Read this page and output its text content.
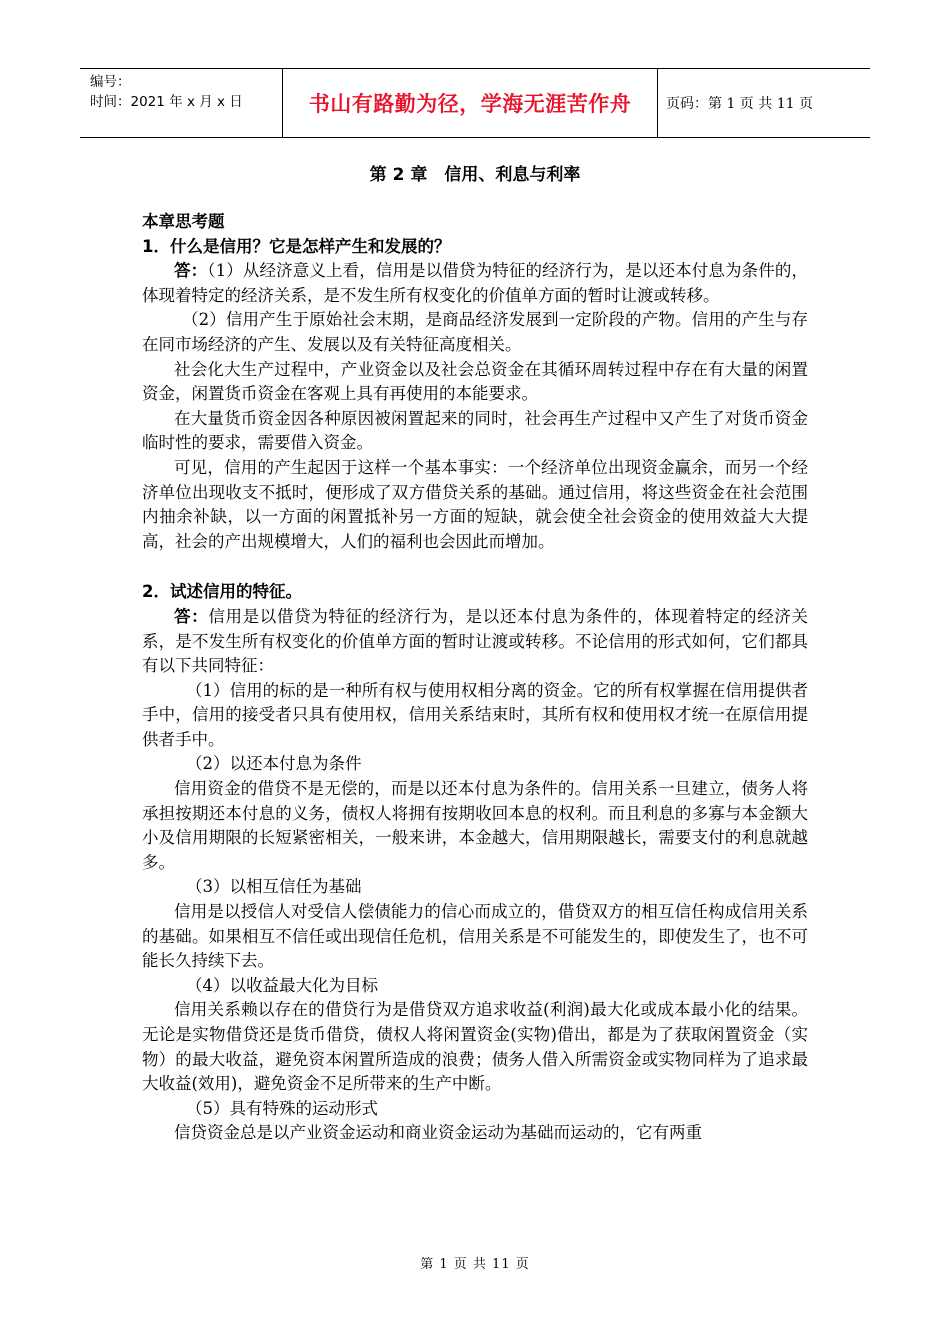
编号：
时间：2021 年 x 月 x 日	书山有路勤为径，学海无涯苦作舟	页码：第 1 页 共 11 页
第 2 章　信用、利息与利率

本章思考题

1．什么是信用？它是怎样产生和发展的？

答：（1）从经济意义上看，信用是以借贷为特征的经济行为，是以还本付息为条件的，体现着特定的经济关系，是不发生所有权变化的价值单方面的暂时让渡或转移。

（2）信用产生于原始社会末期，是商品经济发展到一定阶段的产物。信用的产生与存在同市场经济的产生、发展以及有关特征高度相关。

社会化大生产过程中，产业资金以及社会总资金在其循环周转过程中存在有大量的闲置资金，闲置货币资金在客观上具有再使用的本能要求。

在大量货币资金因各种原因被闲置起来的同时，社会再生产过程中又产生了对货币资金临时性的要求，需要借入资金。

可见，信用的产生起因于这样一个基本事实：一个经济单位出现资金赢余，而另一个经济单位出现收支不抵时，便形成了双方借贷关系的基础。通过信用，将这些资金在社会范围内抽余补缺，以一方面的闲置抵补另一方面的短缺，就会使全社会资金的使用效益大大提高，社会的产出规模增大，人们的福利也会因此而增加。

2．试述信用的特征。

答：信用是以借贷为特征的经济行为，是以还本付息为条件的，体现着特定的经济关系，是不发生所有权变化的价值单方面的暂时让渡或转移。不论信用的形式如何，它们都具有以下共同特征：

（1）信用的标的是一种所有权与使用权相分离的资金。它的所有权掌握在信用提供者手中，信用的接受者只具有使用权，信用关系结束时，其所有权和使用权才统一在原信用提供者手中。

（2）以还本付息为条件

信用资金的借贷不是无偿的，而是以还本付息为条件的。信用关系一旦建立，债务人将承担按期还本付息的义务，债权人将拥有按期收回本息的权利。而且利息的多寡与本金额大小及信用期限的长短紧密相关，一般来讲，本金越大，信用期限越长，需要支付的利息就越多。

（3）以相互信任为基础

信用是以授信人对受信人偿债能力的信心而成立的，借贷双方的相互信任构成信用关系的基础。如果相互不信任或出现信任危机，信用关系是不可能发生的，即使发生了，也不可能长久持续下去。

（4）以收益最大化为目标

信用关系赖以存在的借贷行为是借贷双方追求收益(利润)最大化或成本最小化的结果。无论是实物借贷还是货币借贷，债权人将闲置资金(实物)借出，都是为了获取闲置资金（实物）的最大收益，避免资本闲置所造成的浪费；债务人借入所需资金或实物同样为了追求最大收益(效用)，避免资金不足所带来的生产中断。

（5）具有特殊的运动形式

信贷资金总是以产业资金运动和商业资金运动为基础而运动的，它有两重

第 1 页 共 11 页
